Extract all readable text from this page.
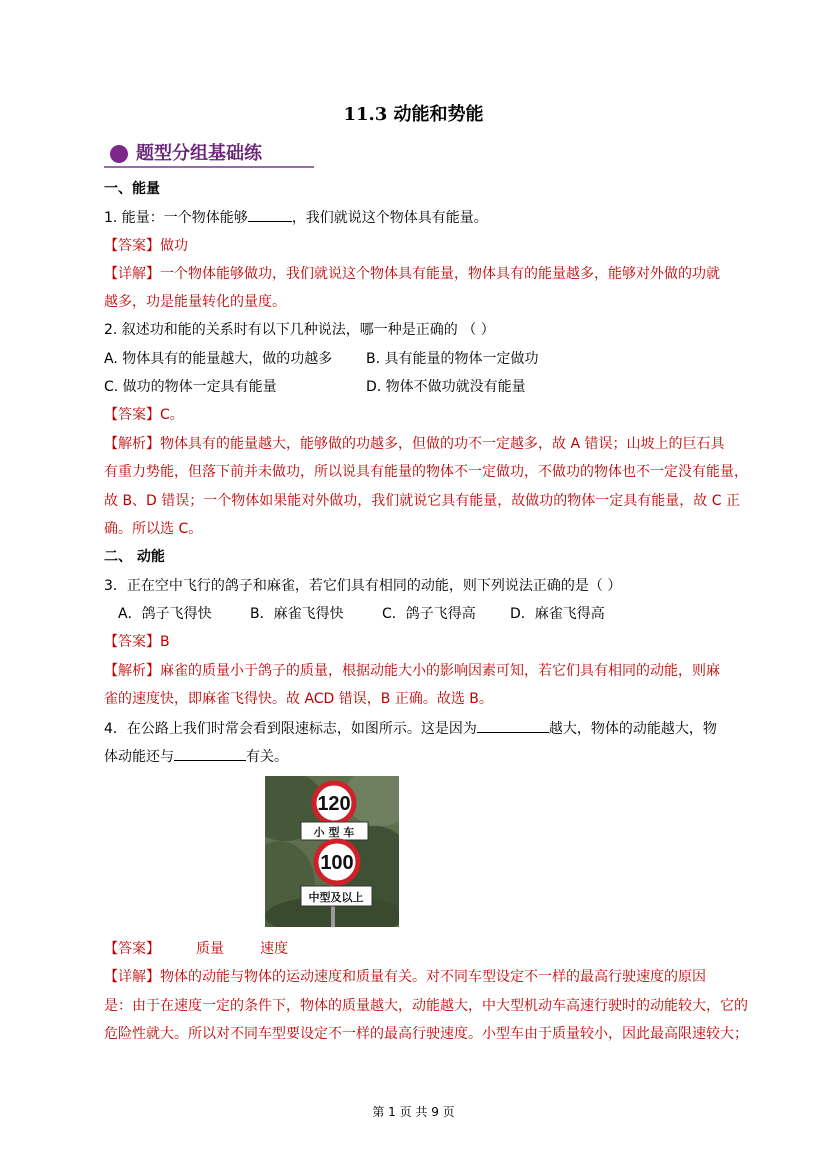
11.3 动能和势能
题型分组基础练
一、能量
1. 能量：一个物体能够	，我们就说这个物体具有能量。
【答案】做功
【详解】一个物体能够做功，我们就说这个物体具有能量，物体具有的能量越多，能够对外做的功就
越多，功是能量转化的量度。
2. 叙述功和能的关系时有以下几种说法，哪一种是正确的 （ ）
A. 物体具有的能量越大，做的功越多 B. 具有能量的物体一定做功
C. 做功的物体一定具有能量	D. 物体不做功就没有能量
【答案】C。
【解析】物体具有的能量越大，能够做的功越多，但做的功不一定越多，故 A 错误；山坡上的巨石具
有重力势能，但落下前并未做功，所以说具有能量的物体不一定做功，不做功的物体也不一定没有能量，
故 B、D 错误；一个物体如果能对外做功，我们就说它具有能量，故做功的物体一定具有能量，故 C 正
确。所以选 C。
二、 动能
3．正在空中飞行的鸽子和麻雀，若它们具有相同的动能，则下列说法正确的是（ ）
A．鸽子飞得快	B．麻雀飞得快	C．鸽子飞得高 D．麻雀飞得高
【答案】B
【解析】麻雀的质量小于鸽子的质量，根据动能大小的影响因素可知，若它们具有相同的动能，则麻
雀的速度快，即麻雀飞得快。故 ACD 错误，B 正确。故选 B。
4．在公路上我们时常会看到限速标志，如图所示。这是因为	越大，物体的动能越大，物
体动能还与	有关。
120
小 型 车
100
中型及以上
【答案】	质量	速度
【详解】物体的动能与物体的运动速度和质量有关。对不同车型设定不一样的最高行驶速度的原因
是：由于在速度一定的条件下，物体的质量越大，动能越大，中大型机动车高速行驶时的动能较大，它的
危险性就大。所以对不同车型要设定不一样的最高行驶速度。小型车由于质量较小，因此最高限速较大；
第 1 页 共 9 页
